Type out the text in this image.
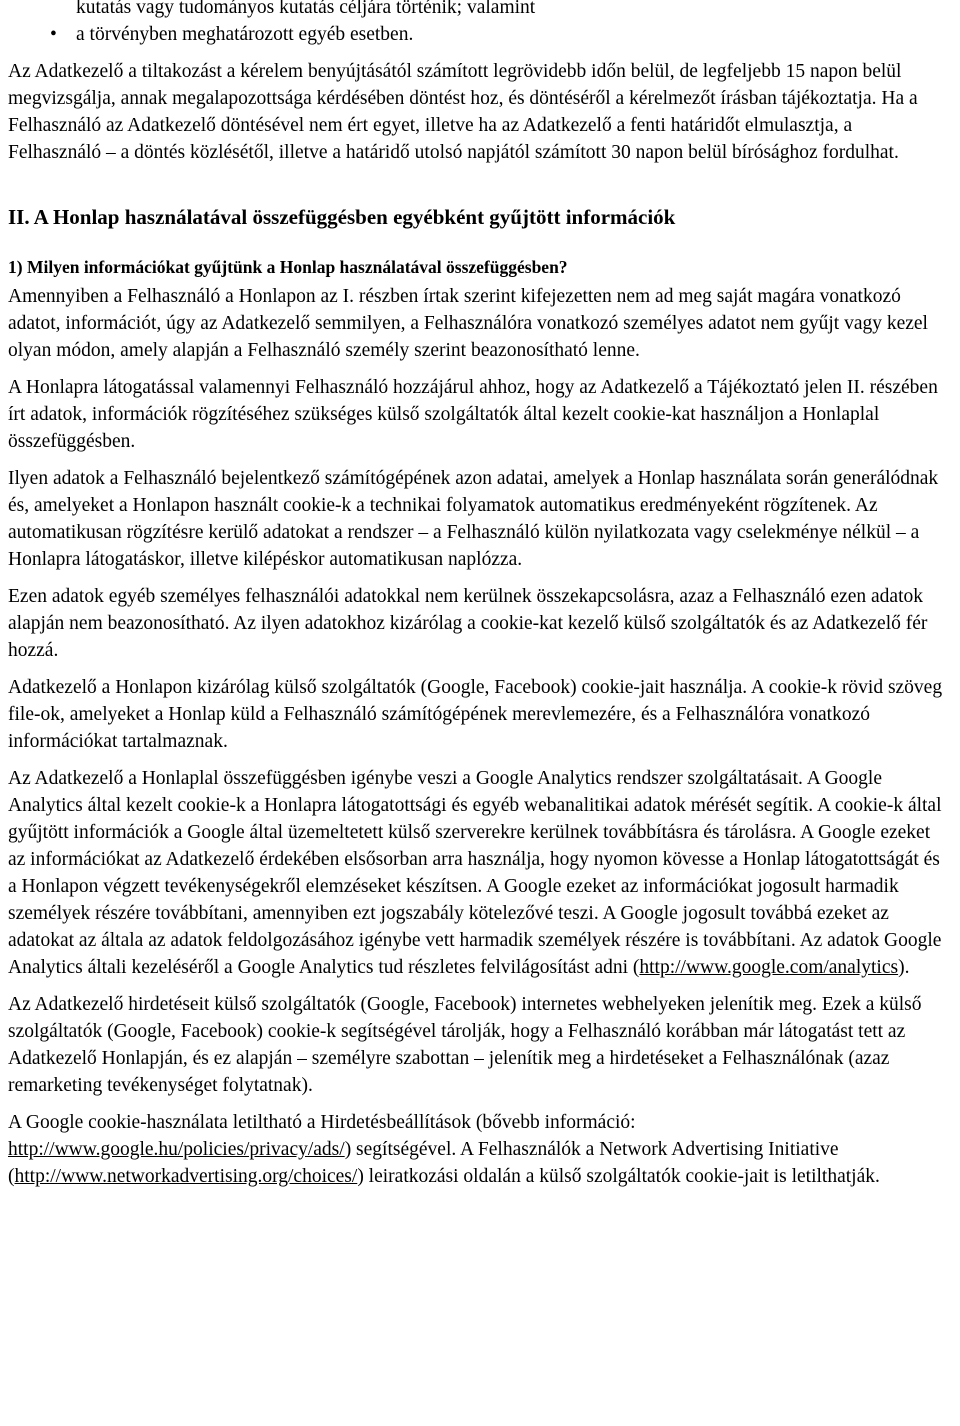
kutatás vagy tudományos kutatás céljára történik; valamint
• a törvényben meghatározott egyéb esetben.

Az Adatkezelő a tiltakozást a kérelem benyújtásától számított legrövidebb időn belül, de legfeljebb 15 napon belül megvizsgálja, annak megalapozottsága kérdésében döntést hoz, és döntéséről a kérelmezőt írásban tájékoztatja. Ha a Felhasználó az Adatkezelő döntésével nem ért egyet, illetve ha az Adatkezelő a fenti határidőt elmulasztja, a Felhasználó – a döntés közlésétől, illetve a határidő utolsó napjától számított 30 napon belül bírósághoz fordulhat.

II. A Honlap használatával összefüggésben egyébként gyűjtött információk

1) Milyen információkat gyűjtünk a Honlap használatával összefüggésben?

Amennyiben a Felhasználó a Honlapon az I. részben írtak szerint kifejezetten nem ad meg saját magára vonatkozó adatot, információt, úgy az Adatkezelő semmilyen, a Felhasználóra vonatkozó személyes adatot nem gyűjt vagy kezel olyan módon, amely alapján a Felhasználó személy szerint beazonosítható lenne.

A Honlapra látogatással valamennyi Felhasználó hozzájárul ahhoz, hogy az Adatkezelő a Tájékoztató jelen II. részében írt adatok, információk rögzítéséhez szükséges külső szolgáltatók által kezelt cookie-kat használjon a Honlaplal összefüggésben.

Ilyen adatok a Felhasználó bejelentkező számítógépének azon adatai, amelyek a Honlap használata során generálódnak és, amelyeket a Honlapon használt cookie-k a technikai folyamatok automatikus eredményeként rögzítenek. Az automatikusan rögzítésre kerülő adatokat a rendszer – a Felhasználó külön nyilatkozata vagy cselekménye nélkül – a Honlapra látogatáskor, illetve kilépéskor automatikusan naplózza.

Ezen adatok egyéb személyes felhasználói adatokkal nem kerülnek összekapcsolásra, azaz a Felhasználó ezen adatok alapján nem beazonosítható. Az ilyen adatokhoz kizárólag a cookie-kat kezelő külső szolgáltatók és az Adatkezelő fér hozzá.

Adatkezelő a Honlapon kizárólag külső szolgáltatók (Google, Facebook) cookie-jait használja. A cookie-k rövid szöveg file-ok, amelyeket a Honlap küld a Felhasználó számítógépének merevlemezére, és a Felhasználóra vonatkozó információkat tartalmaznak.

Az Adatkezelő a Honlaplal összefüggésben igénybe veszi a Google Analytics rendszer szolgáltatásait. A Google Analytics által kezelt cookie-k a Honlapra látogatottsági és egyéb webanalitikai adatok mérését segítik. A cookie-k által gyűjtött információk a Google által üzemeltetett külső szerverekre kerülnek továbbításra és tárolásra. A Google ezeket az információkat az Adatkezelő érdekében elsősorban arra használja, hogy nyomon kövesse a Honlap látogatottságát és a Honlapon végzett tevékenységekről elemzéseket készítsen. A Google ezeket az információkat jogosult harmadik személyek részére továbbítani, amennyiben ezt jogszabály kötelezővé teszi. A Google jogosult továbbá ezeket az adatokat az általa az adatok feldolgozásához igénybe vett harmadik személyek részére is továbbítani. Az adatok Google Analytics általi kezeléséről a Google Analytics tud részletes felvilágosítást adni (http://www.google.com/analytics).

Az Adatkezelő hirdetéseit külső szolgáltatók (Google, Facebook) internetes webhelyeken jelenítik meg. Ezek a külső szolgáltatók (Google, Facebook) cookie-k segítségével tárolják, hogy a Felhasználó korábban már látogatást tett az Adatkezelő Honlapján, és ez alapján – személyre szabottan – jelenítik meg a hirdetéseket a Felhasználónak (azaz remarketing tevékenységet folytatnak).

A Google cookie-használata letiltható a Hirdetésbeállítások (bővebb információ: http://www.google.hu/policies/privacy/ads/) segítségével. A Felhasználók a Network Advertising Initiative (http://www.networkadvertising.org/choices/) leiratkozási oldalán a külső szolgáltatók cookie-jait is letilthatják.
